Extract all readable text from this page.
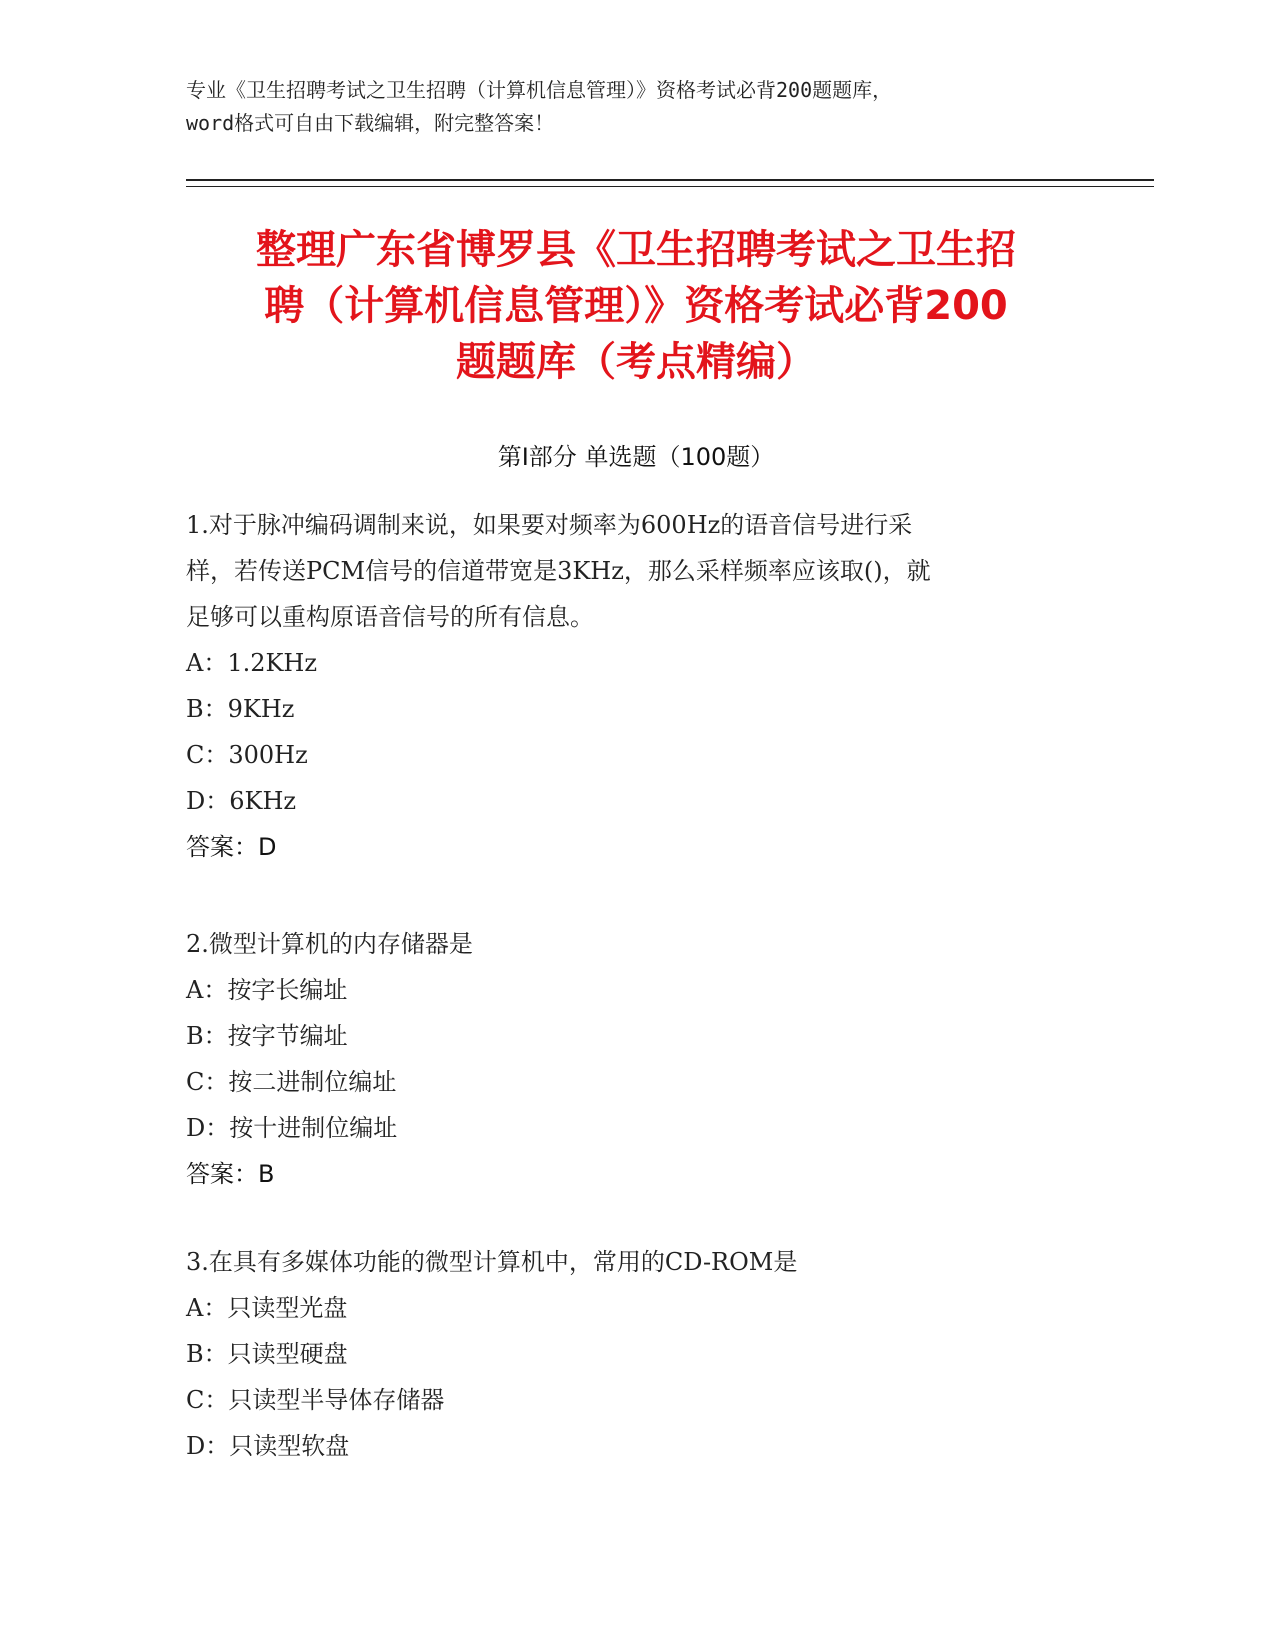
专业《卫生招聘考试之卫生招聘（计算机信息管理）》资格考试必背200题题库，
word格式可自由下载编辑，附完整答案！
整理广东省博罗县《卫生招聘考试之卫生招
聘（计算机信息管理）》资格考试必背200
题题库（考点精编）
第Ⅰ部分 单选题（100题）
1.对于脉冲编码调制来说，如果要对频率为600Hz的语音信号进行采
样，若传送PCM信号的信道带宽是3KHz，那么采样频率应该取()，就
足够可以重构原语音信号的所有信息。
A：1.2KHz
B：9KHz
C：300Hz
D：6KHz
答案：D
2.微型计算机的内存储器是
A：按字长编址
B：按字节编址
C：按二进制位编址
D：按十进制位编址
答案：B
3.在具有多媒体功能的微型计算机中，常用的CD-ROM是
A：只读型光盘
B：只读型硬盘
C：只读型半导体存储器
D：只读型软盘
